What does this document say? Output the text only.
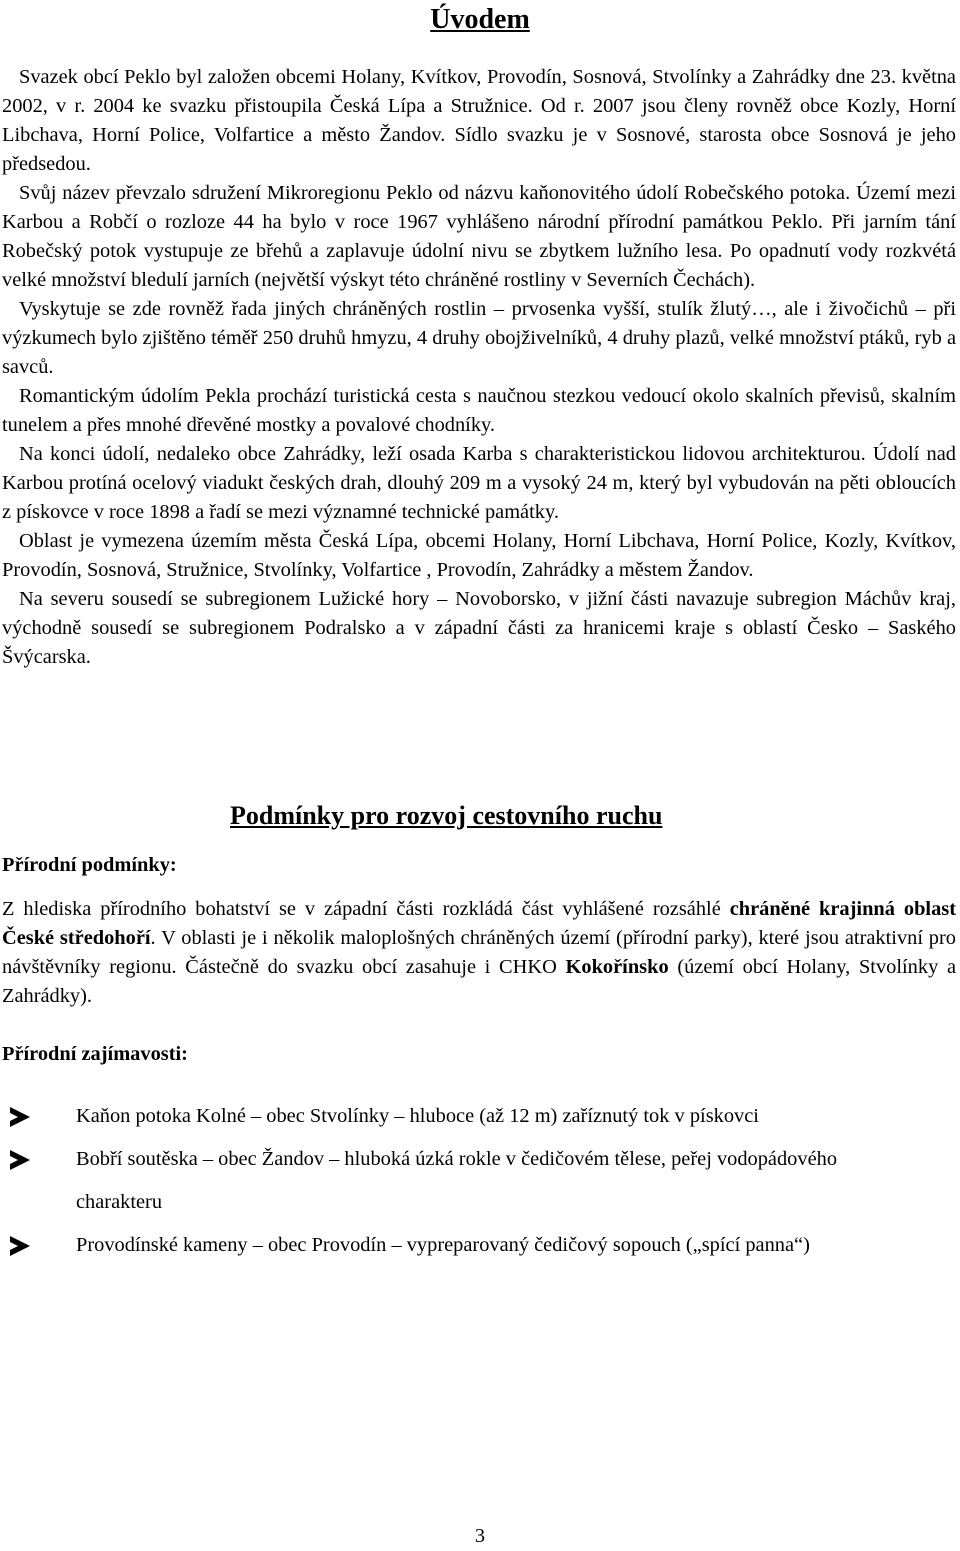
Úvodem

Svazek obcí Peklo byl založen obcemi Holany, Kvítkov, Provodín, Sosnová, Stvolínky a Zahrádky dne 23. května 2002, v r. 2004 ke svazku přistoupila Česká Lípa a Stružnice. Od r. 2007 jsou členy rovněž obce Kozly, Horní Libchava, Horní Police, Volfartice a město Žandov. Sídlo svazku je v Sosnové, starosta obce Sosnová je jeho předsedou.

Svůj název převzalo sdružení Mikroregionu Peklo od názvu kaňonovitého údolí Robečského potoka. Území mezi Karbou a Robčí o rozloze 44 ha bylo v roce 1967 vyhlášeno národní přírodní památkou Peklo. Při jarním tání Robečský potok vystupuje ze břehů a zaplavuje údolní nivu se zbytkem lužního lesa. Po opadnutí vody rozkvétá velké množství bledulí jarních (největší výskyt této chráněné rostliny v Severních Čechách).

Vyskytuje se zde rovněž řada jiných chráněných rostlin – prvosenka vyšší, stulík žlutý…, ale i živočichů – při výzkumech bylo zjištěno téměř 250 druhů hmyzu, 4 druhy obojživelníků, 4 druhy plazů, velké množství ptáků, ryb a savců.

Romantickým údolím Pekla prochází turistická cesta s naučnou stezkou vedoucí okolo skalních převisů, skalním tunelem a přes mnohé dřevěné mostky a povalové chodníky.

Na konci údolí, nedaleko obce Zahrádky, leží osada Karba s charakteristickou lidovou architekturou. Údolí nad Karbou protíná ocelový viadukt českých drah, dlouhý 209 m a vysoký 24 m, který byl vybudován na pěti obloucích z pískovce v roce 1898 a řadí se mezi významné technické památky.

Oblast je vymezena územím města Česká Lípa, obcemi Holany, Horní Libchava, Horní Police, Kozly, Kvítkov, Provodín, Sosnová, Stružnice, Stvolínky, Volfartice , Provodín, Zahrádky a městem Žandov.

Na severu sousedí se subregionem Lužické hory – Novoborsko, v jižní části navazuje subregion Máchův kraj, východně sousedí se subregionem Podralsko a v západní části za hranicemi kraje s oblastí Česko – Saského Švýcarska.

Podmínky pro rozvoj cestovního ruchu
Přírodní podmínky:

Z hlediska přírodního bohatství se v západní části rozkládá část vyhlášené rozsáhlé chráněné krajinná oblast České středohoří. V oblasti je i několik maloplošných chráněných území (přírodní parky), které jsou atraktivní pro návštěvníky regionu. Částečně do svazku obcí zasahuje i CHKO Kokořínsko (území obcí Holany, Stvolínky a Zahrádky).

Přírodní zajímavosti:
Kaňon potoka Kolné – obec Stvolínky – hluboce (až 12 m) zaříznutý tok v pískovci
Bobří soutěska – obec Žandov – hluboká úzká rokle v čedičovém tělese, peřej vodopádového charakteru
Provodínské kameny – obec Provodín – vypreparovaný čedičový sopouch („spící panna“)
3
